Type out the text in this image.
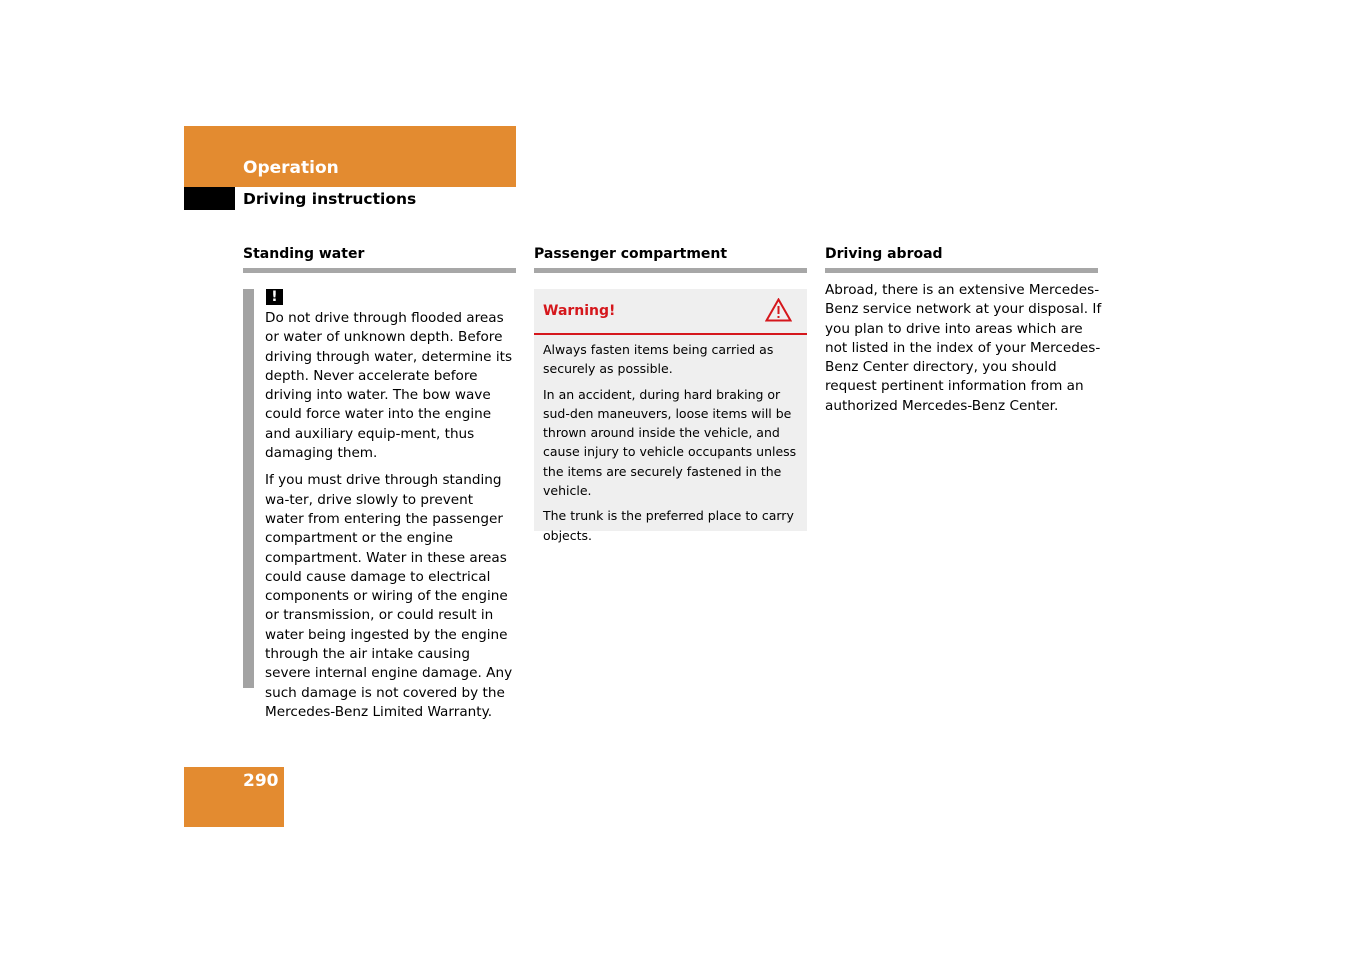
Operation
Driving instructions
Standing water
!

Do not drive through flooded areas or water of unknown depth. Before driving through water, determine its depth. Never accelerate before driving into water. The bow wave could force water into the engine and auxiliary equip-ment, thus damaging them.

If you must drive through standing wa-ter, drive slowly to prevent water from entering the passenger compartment or the engine compartment. Water in these areas could cause damage to electrical components or wiring of the engine or transmission, or could result in water being ingested by the engine through the air intake causing severe internal engine damage. Any such damage is not covered by the Mercedes-Benz Limited Warranty.

Passenger compartment
Warning!

Always fasten items being carried as securely as possible.

In an accident, during hard braking or sud-den maneuvers, loose items will be thrown around inside the vehicle, and cause injury to vehicle occupants unless the items are securely fastened in the vehicle.

The trunk is the preferred place to carry objects.

Driving abroad

Abroad, there is an extensive Mercedes-Benz service network at your disposal. If you plan to drive into areas which are not listed in the index of your Mercedes-Benz Center directory, you should request pertinent information from an authorized Mercedes-Benz Center.

290
